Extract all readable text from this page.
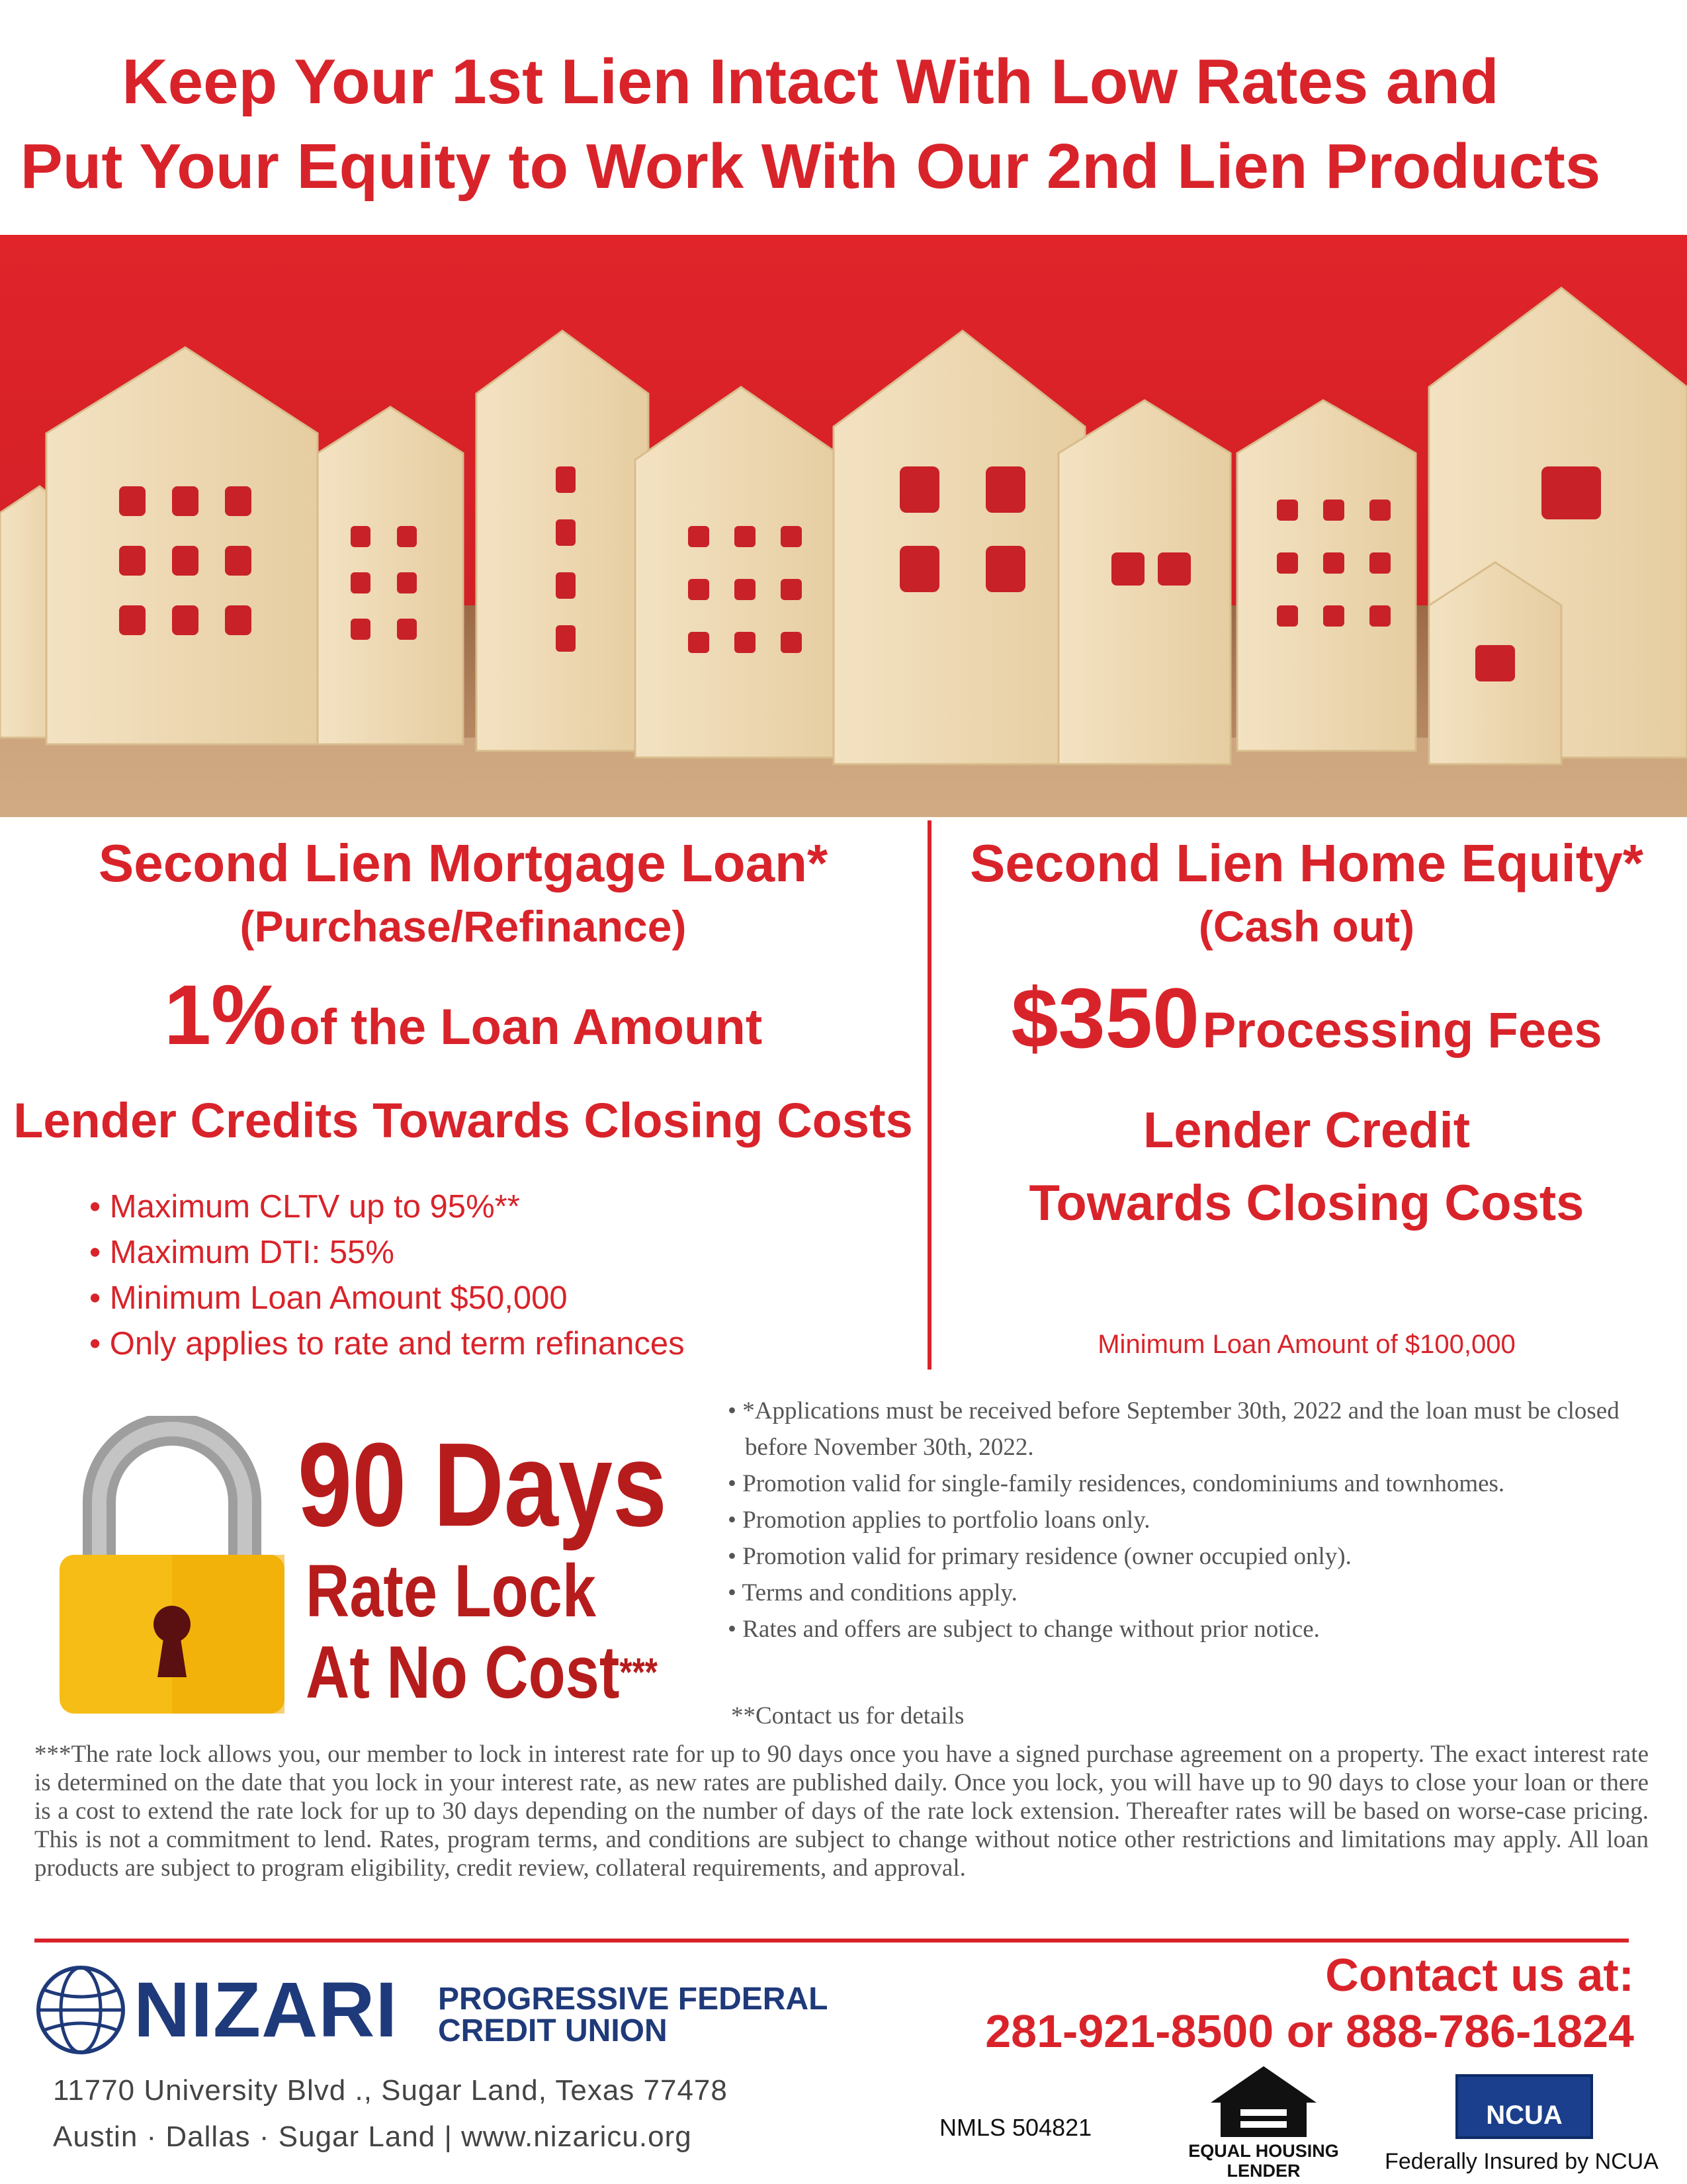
Keep Your 1st Lien Intact With Low Rates and
Put Your Equity to Work With Our 2nd Lien Products
Second Lien Mortgage Loan*
(Purchase/Refinance)
1% of the Loan Amount
Lender Credits Towards Closing Costs
• Maximum CLTV up to 95%**
• Maximum DTI: 55%
• Minimum Loan Amount $50,000
• Only applies to rate and term refinances
Second Lien Home Equity*
(Cash out)
$350 Processing Fees
Lender Credit
Towards Closing Costs
Minimum Loan Amount of $100,000
90 Days
Rate Lock
At No Cost***
• *Applications must be received before September 30th, 2022 and the loan must be closed before November 30th, 2022.
• Promotion valid for single-family residences, condominiums and townhomes.
• Promotion applies to portfolio loans only.
• Promotion valid for primary residence (owner occupied only).
• Terms and conditions apply.
• Rates and offers are subject to change without prior notice.
**Contact us for details
***The rate lock allows you, our member to lock in interest rate for up to 90 days once you have a signed purchase agreement on a property. The exact interest rate is determined on the date that you lock in your interest rate, as new rates are published daily. Once you lock, you will have up to 90 days to close your loan or there is a cost to extend the rate lock for up to 30 days depending on the number of days of the rate lock extension. Thereafter rates will be based on worse-case pricing. This is not a commitment to lend. Rates, program terms, and conditions are subject to change without notice other restrictions and limitations may apply. All loan products are subject to program eligibility, credit review, collateral requirements, and approval.
NIZARI PROGRESSIVE FEDERAL
CREDIT UNION
11770 University Blvd ., Sugar Land, Texas 77478
Austin · Dallas · Sugar Land | www.nizaricu.org
Contact us at:
281-921-8500 or 888-786-1824
NMLS 504821
EQUAL HOUSING
LENDER
NCUA
Federally Insured by NCUA
